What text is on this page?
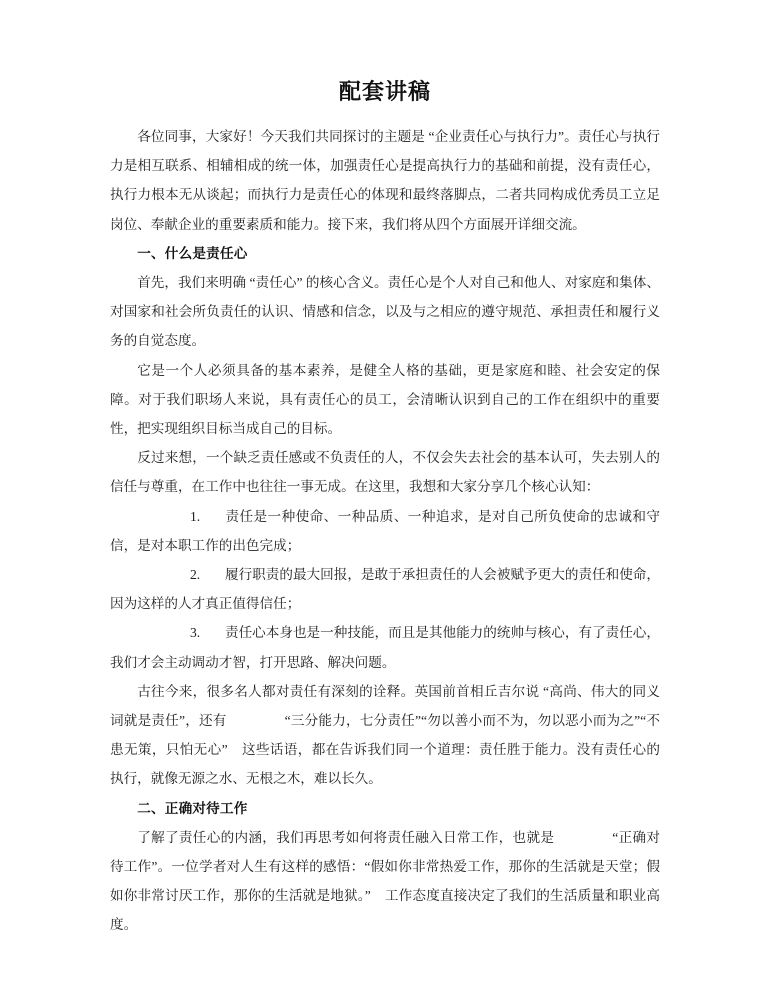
配套讲稿

各位同事，大家好！今天我们共同探讨的主题是 “企业责任心与执行力”。责任心与执行力是相互联系、相辅相成的统一体，加强责任心是提高执行力的基础和前提，没有责任心，执行力根本无从谈起；而执行力是责任心的体现和最终落脚点，二者共同构成优秀员工立足岗位、奉献企业的重要素质和能力。接下来，我们将从四个方面展开详细交流。

一、什么是责任心

首先，我们来明确 “责任心” 的核心含义。责任心是个人对自己和他人、对家庭和集体、对国家和社会所负责任的认识、情感和信念，以及与之相应的遵守规范、承担责任和履行义务的自觉态度。

它是一个人必须具备的基本素养，是健全人格的基础，更是家庭和睦、社会安定的保障。对于我们职场人来说，具有责任心的员工，会清晰认识到自己的工作在组织中的重要性，把实现组织目标当成自己的目标。

反过来想，一个缺乏责任感或不负责任的人，不仅会失去社会的基本认可，失去别人的信任与尊重，在工作中也往往一事无成。在这里，我想和大家分享几个核心认知：

1. 责任是一种使命、一种品质、一种追求，是对自己所负使命的忠诚和守信，是对本职工作的出色完成；
2. 履行职责的最大回报，是敢于承担责任的人会被赋予更大的责任和使命，因为这样的人才真正值得信任；
3. 责任心本身也是一种技能，而且是其他能力的统帅与核心，有了责任心，我们才会主动调动才智，打开思路、解决问题。

古往今来，很多名人都对责任有深刻的诠释。英国前首相丘吉尔说 “高尚、伟大的同义词就是责任”，还有	“三分能力，七分责任”“勿以善小而不为，勿以恶小而为之”“不患无策，只怕无心” 这些话语，都在告诉我们同一个道理：责任胜于能力。没有责任心的执行，就像无源之水、无根之木，难以长久。

二、正确对待工作

了解了责任心的内涵，我们再思考如何将责任融入日常工作，也就是	“正确对待工作”。一位学者对人生有这样的感悟：“假如你非常热爱工作，那你的生活就是天堂；假如你非常讨厌工作，那你的生活就是地狱。” 工作态度直接决定了我们的生活质量和职业高度。
